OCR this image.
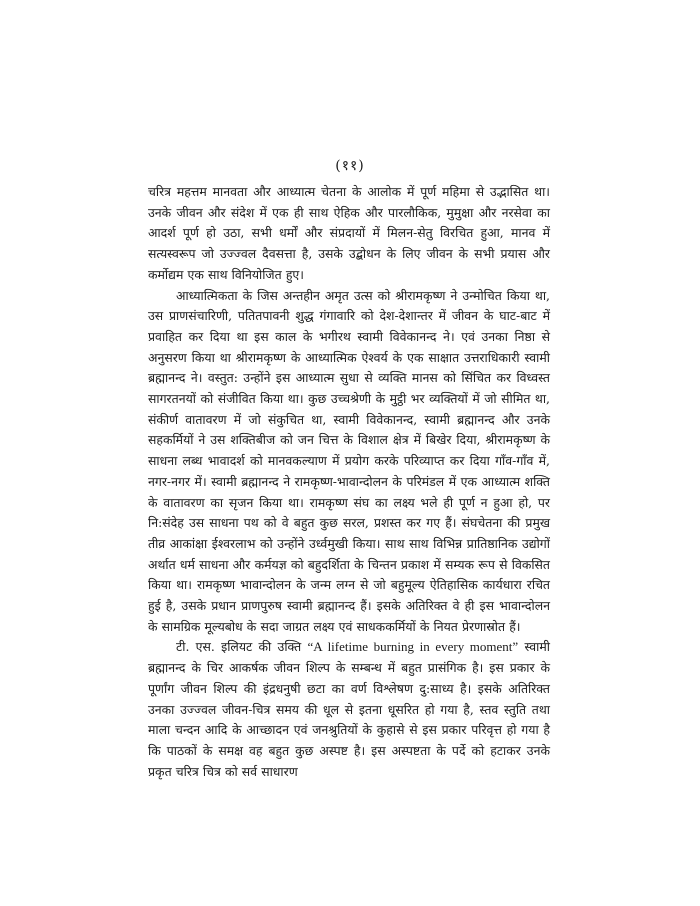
(११)

चरित्र महत्तम मानवता और आध्यात्म चेतना के आलोक में पूर्ण महिमा से उद्भासित था। उनके जीवन और संदेश में एक ही साथ ऐहिक और पारलौकिक, मुमुक्षा और नरसेवा का आदर्श पूर्ण हो उठा, सभी धर्मों और संप्रदायों में मिलन-सेतु विरचित हुआ, मानव में सत्यस्वरूप जो उज्ज्वल दैवसत्ता है, उसके उद्बोधन के लिए जीवन के सभी प्रयास और कर्मोद्यम एक साथ विनियोजित हुए।

आध्यात्मिकता के जिस अन्तहीन अमृत उत्स को श्रीरामकृष्ण ने उन्मोचित किया था, उस प्राणसंचारिणी, पतितपावनी शुद्ध गंगावारि को देश-देशान्तर में जीवन के घाट-बाट में प्रवाहित कर दिया था इस काल के भगीरथ स्वामी विवेकानन्द ने। एवं उनका निष्ठा से अनुसरण किया था श्रीरामकृष्ण के आध्यात्मिक ऐश्वर्य के एक साक्षात उत्तराधिकारी स्वामी ब्रह्मानन्द ने। वस्तुत: उन्होंने इस आध्यात्म सुधा से व्यक्ति मानस को सिंचित कर विध्वस्त सागरतनयों को संजीवित किया था। कुछ उच्चश्रेणी के मुट्ठी भर व्यक्तियों में जो सीमित था, संकीर्ण वातावरण में जो संकुचित था, स्वामी विवेकानन्द, स्वामी ब्रह्मानन्द और उनके सहकर्मियों ने उस शक्तिबीज को जन चित्त के विशाल क्षेत्र में बिखेर दिया, श्रीरामकृष्ण के साधना लब्ध भावादर्श को मानवकल्याण में प्रयोग करके परिव्याप्त कर दिया गाँव-गाँव में, नगर-नगर में। स्वामी ब्रह्मानन्द ने रामकृष्ण-भावान्दोलन के परिमंडल में एक आध्यात्म शक्ति के वातावरण का सृजन किया था। रामकृष्ण संघ का लक्ष्य भले ही पूर्ण न हुआ हो, पर नि:संदेह उस साधना पथ को वे बहुत कुछ सरल, प्रशस्त कर गए हैं। संघचेतना की प्रमुख तीव्र आकांक्षा ईश्वरलाभ को उन्होंने उर्ध्वमुखी किया। साथ साथ विभिन्न प्रातिष्ठानिक उद्योगों अर्थात धर्म साधना और कर्मयज्ञ को बहुदर्शिता के चिन्तन प्रकाश में सम्यक रूप से विकसित किया था। रामकृष्ण भावान्दोलन के जन्म लग्न से जो बहुमूल्य ऐतिहासिक कार्यधारा रचित हुई है, उसके प्रधान प्राणपुरुष स्वामी ब्रह्मानन्द हैं। इसके अतिरिक्त वे ही इस भावान्दोलन के सामग्रिक मूल्यबोध के सदा जाग्रत लक्ष्य एवं साधककर्मियों के नियत प्रेरणास्रोत हैं।

टी. एस. इलियट की उक्ति “A lifetime burning in every moment” स्वामी ब्रह्मानन्द के चिर आकर्षक जीवन शिल्प के सम्बन्ध में बहुत प्रासंगिक है। इस प्रकार के पूर्णांग जीवन शिल्प की इंद्रधनुषी छटा का वर्ण विश्लेषण दु:साध्य है। इसके अतिरिक्त उनका उज्ज्वल जीवन-चित्र समय की धूल से इतना धूसरित हो गया है, स्तव स्तुति तथा माला चन्दन आदि के आच्छादन एवं जनश्रुतियों के कुहासे से इस प्रकार परिवृत्त हो गया है कि पाठकों के समक्ष वह बहुत कुछ अस्पष्ट है। इस अस्पष्टता के पर्दे को हटाकर उनके प्रकृत चरित्र चित्र को सर्व साधारण
